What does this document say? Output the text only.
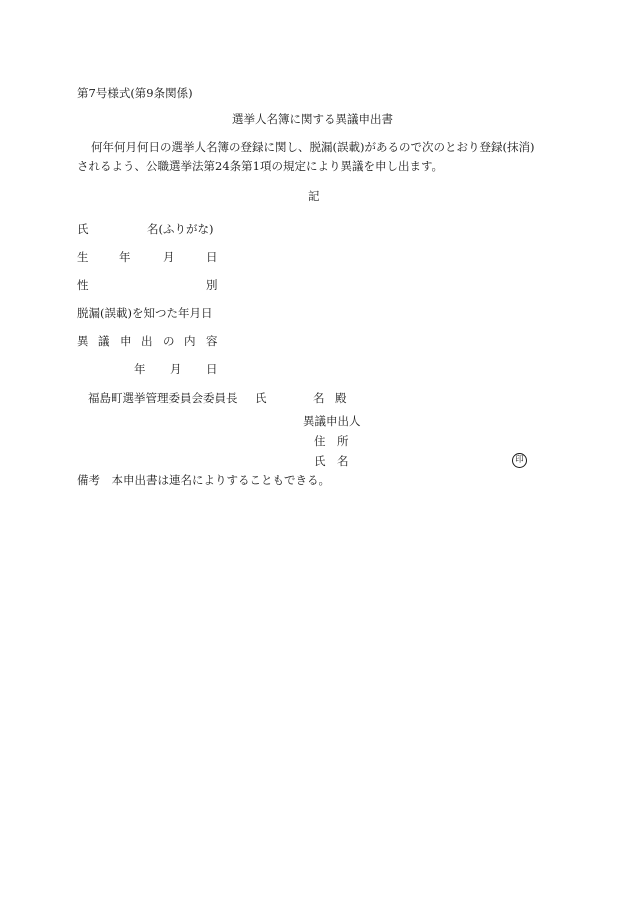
第7号様式(第9条関係)
選挙人名簿に関する異議申出書
何年何月何日の選挙人名簿の登録に関し、脱漏(誤載)があるので次のとおり登録(抹消)
されるよう、公職選挙法第24条第1項の規定により異議を申し出ます。
記
氏	名(ふりがな)
生	年	月	日
性	別
脱漏(誤載)を知つた年月日
異 議 申 出 の 内 容
年 月 日
福島町選挙管理委員会委員長 氏	名 殿
異議申出人
住 所
氏 名	印
備考　本申出書は連名によりすることもできる。
